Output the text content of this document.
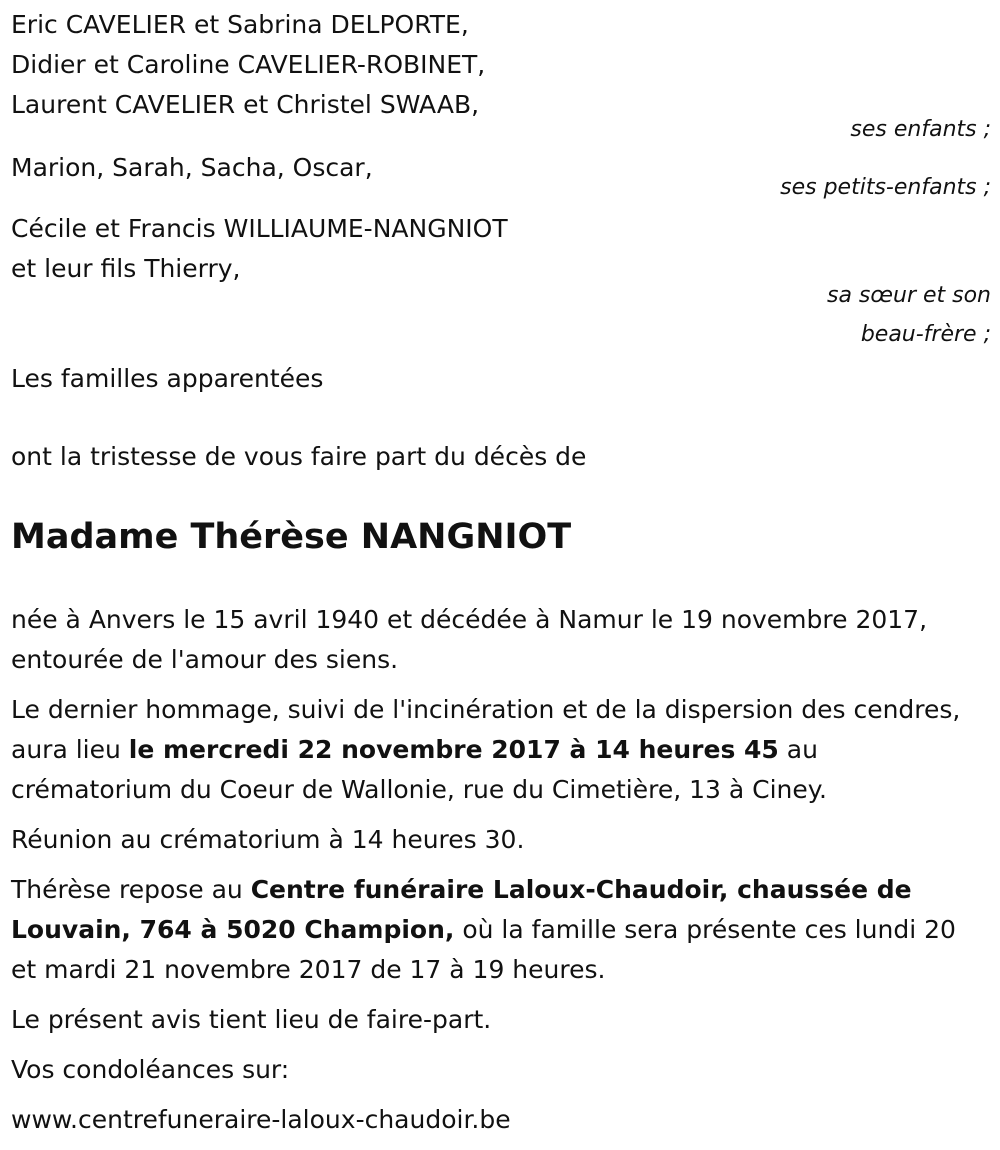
Eric CAVELIER et Sabrina DELPORTE,
Didier et Caroline CAVELIER-ROBINET,
Laurent CAVELIER et Christel SWAAB,
ses enfants ;
Marion, Sarah, Sacha, Oscar,
ses petits-enfants ;
Cécile et Francis WILLIAUME-NANGNIOT
et leur fils Thierry,
sa sœur et son
beau-frère ;
Les familles apparentées
ont la tristesse de vous faire part du décès de
Madame Thérèse NANGNIOT

née à Anvers le 15 avril 1940 et décédée à Namur le 19 novembre 2017, entourée de l'amour des siens.

Le dernier hommage, suivi de l'incinération et de la dispersion des cendres, aura lieu le mercredi 22 novembre 2017 à 14 heures 45 au crématorium du Coeur de Wallonie, rue du Cimetière, 13 à Ciney.

Réunion au crématorium à 14 heures 30.

Thérèse repose au Centre funéraire Laloux-Chaudoir, chaussée de Louvain, 764 à 5020 Champion, où la famille sera présente ces lundi 20 et mardi 21 novembre 2017 de 17 à 19 heures.

Le présent avis tient lieu de faire-part.

Vos condoléances sur:

www.centrefuneraire-laloux-chaudoir.be
